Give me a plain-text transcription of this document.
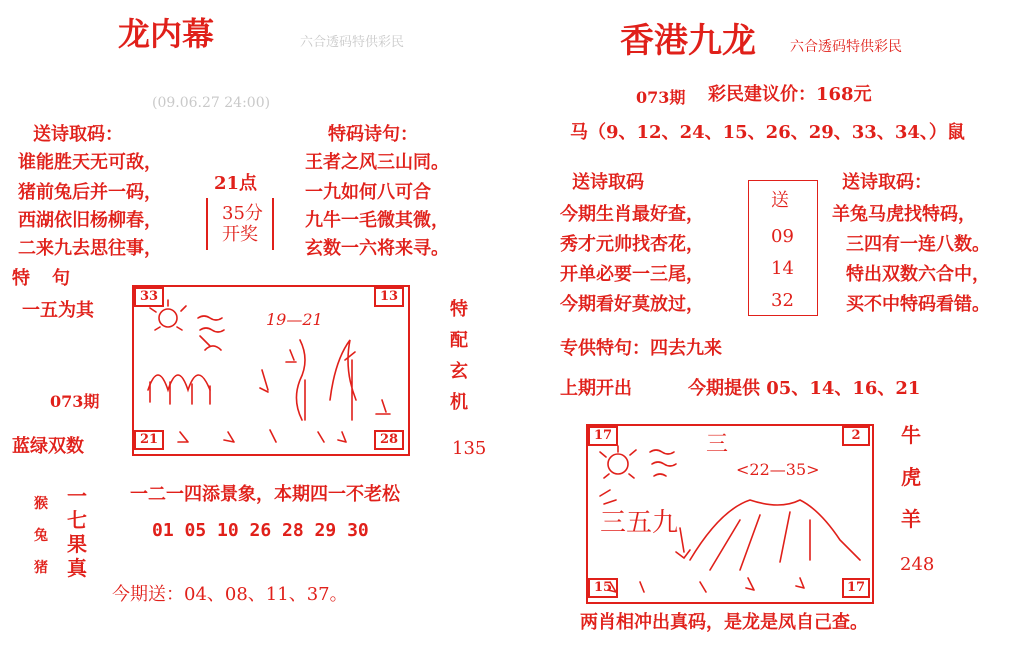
龙内幕	六合透码特供彩民
(09.06.27 24:00)
送诗取码：
谁能胜天无可敌，
猪前兔后并一码，
西湖依旧杨柳春，
二来九去思往事，
21点
35分
开奖
特码诗句：
王者之风三山同。
一九如何八可合
九牛一毛微其微，
玄数一六将来寻。
特 句
一五为其
073期
蓝绿双数
特配玄机
135
33	13
21	28
19—21
猴兔猪
一七果真
一二一四添景象，本期四一不老松
01 05 10 26 28 29 30
今期送：04、08、11、37。
香港九龙 六合透码特供彩民
073期 彩民建议价：168元
马（9、12、24、15、26、29、33、34、）鼠
送诗取码
今期生肖最好查，
秀才元帅找杏花，
开单必要一三尾，
今期看好莫放过，
送
09
14
32
送诗取码：
羊兔马虎找特码，
三四有一连八数。
特出双数六合中，
买不中特码看错。
专供特句：四去九来
上期开出	今期提供 05、14、16、21
17	2
15	17
<22—35>
三
三五九
牛虎羊
248
两肖相冲出真码，是龙是凤自己查。
